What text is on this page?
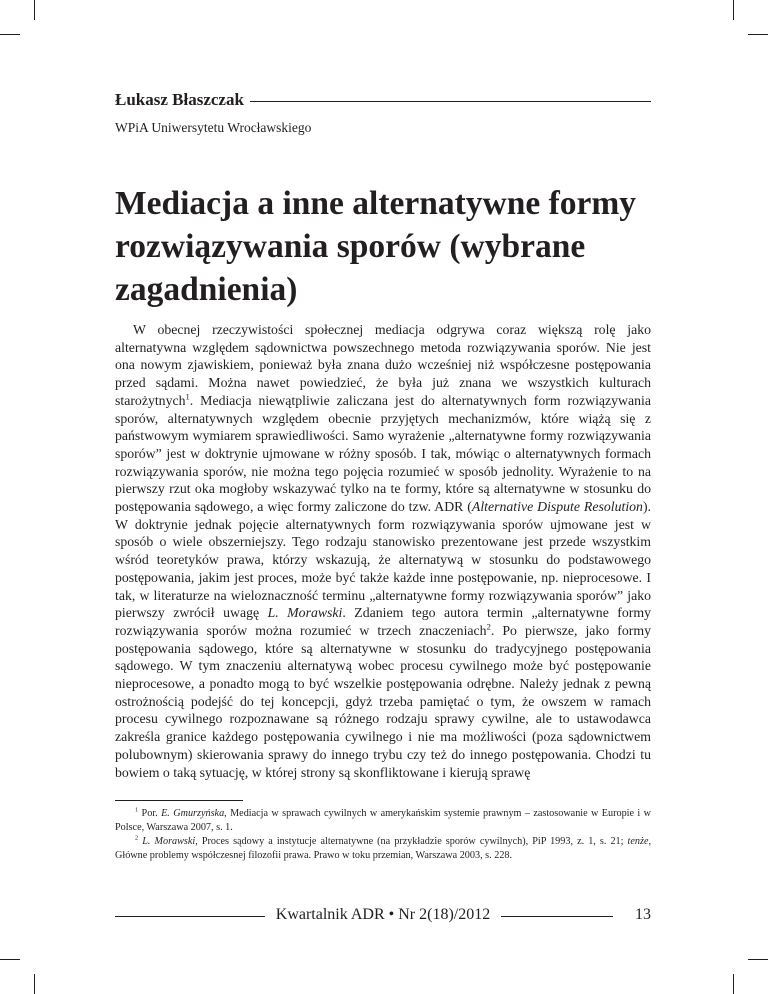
Łukasz Błaszczak
WPiA Uniwersytetu Wrocławskiego
Mediacja a inne alternatywne formy rozwiązywania sporów (wybrane zagadnienia)

W obecnej rzeczywistości społecznej mediacja odgrywa coraz większą rolę jako alternatywna względem sądownictwa powszechnego metoda rozwiązywania sporów. Nie jest ona nowym zjawiskiem, ponieważ była znana dużo wcześniej niż współczesne postępowania przed sądami. Można nawet powiedzieć, że była już znana we wszystkich kulturach starożytnych$^1$. Mediacja niewątpliwie zaliczana jest do alternatywnych form rozwiązywania sporów, alternatywnych względem obecnie przyjętych mechanizmów, które wiążą się z państwowym wymiarem sprawiedliwości. Samo wyrażenie „alternatywne formy rozwiązywania sporów” jest w doktrynie ujmowane w różny sposób. I tak, mówiąc o alternatywnych formach rozwiązywania sporów, nie można tego pojęcia rozumieć w sposób jednolity. Wyrażenie to na pierwszy rzut oka mogłoby wskazywać tylko na te formy, które są alternatywne w stosunku do postępowania sądowego, a więc formy zaliczone do tzw. ADR (Alternative Dispute Resolution). W doktrynie jednak pojęcie alternatywnych form rozwiązywania sporów ujmowane jest w sposób o wiele obszerniejszy. Tego rodzaju stanowisko prezentowane jest przede wszystkim wśród teoretyków prawa, którzy wskazują, że alternatywą w stosunku do podstawowego postępowania, jakim jest proces, może być także każde inne postępowanie, np. nieprocesowe. I tak, w literaturze na wieloznaczność terminu „alternatywne formy rozwiązywania sporów” jako pierwszy zwrócił uwagę L. Morawski. Zdaniem tego autora termin „alternatywne formy rozwiązywania sporów można rozumieć w trzech znaczeniach$^2$. Po pierwsze, jako formy postępowania sądowego, które są alternatywne w stosunku do tradycyjnego postępowania sądowego. W tym znaczeniu alternatywą wobec procesu cywilnego może być postępowanie nieprocesowe, a ponadto mogą to być wszelkie postępowania odrębne. Należy jednak z pewną ostrożnością podejść do tej koncepcji, gdyż trzeba pamiętać o tym, że owszem w ramach procesu cywilnego rozpoznawane są różnego rodzaju sprawy cywilne, ale to ustawodawca zakreśla granice każdego postępowania cywilnego i nie ma możliwości (poza sądownictwem polubownym) skierowania sprawy do innego trybu czy też do innego postępowania. Chodzi tu bowiem o taką sytuację, w której strony są skonfliktowane i kierują sprawę

$^1$ Por. E. Gmurzyńska, Mediacja w sprawach cywilnych w amerykańskim systemie prawnym – zastosowanie w Europie i w Polsce, Warszawa 2007, s. 1.

$^2$ L. Morawski, Proces sądowy a instytucje alternatywne (na przykładzie sporów cywilnych), PiP 1993, z. 1, s. 21; tenże, Główne problemy współczesnej filozofii prawa. Prawo w toku przemian, Warszawa 2003, s. 228.

Kwartalnik ADR • Nr 2(18)/2012	13
